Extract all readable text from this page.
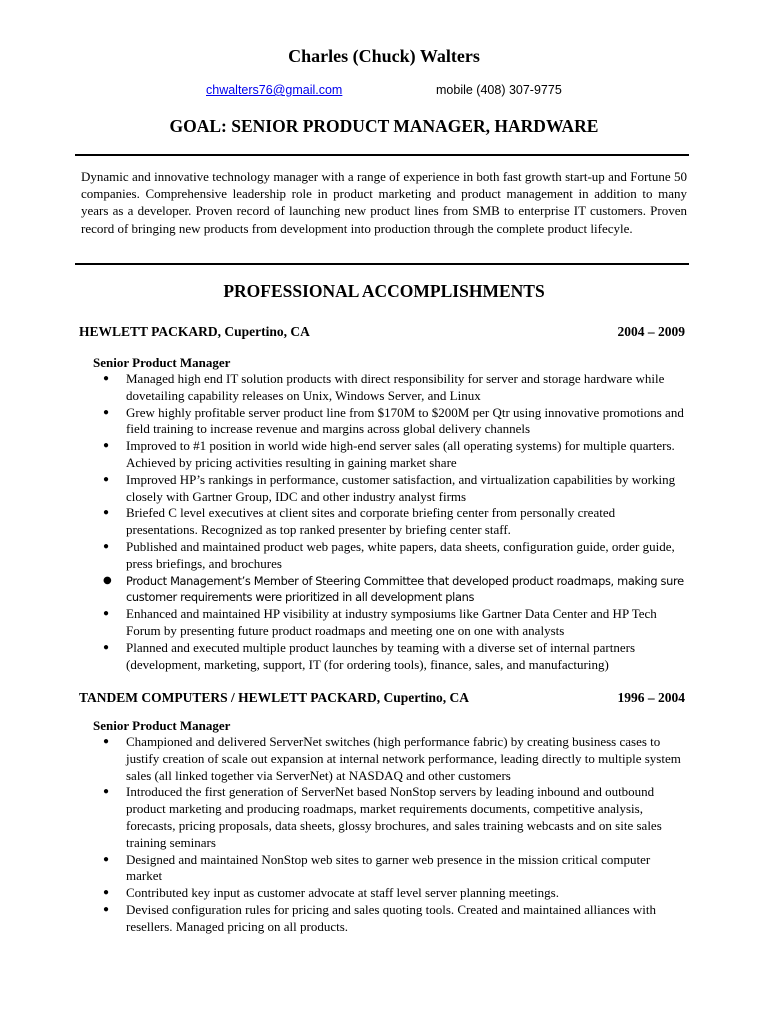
Charles (Chuck) Walters
chwalters76@gmail.com	mobile (408) 307-9775
GOAL: SENIOR PRODUCT MANAGER, HARDWARE

Dynamic and innovative technology manager with a range of experience in both fast growth start-up and Fortune 50 companies. Comprehensive leadership role in product marketing and product management in addition to many years as a developer. Proven record of launching new product lines from SMB to enterprise IT customers. Proven record of bringing new products from development into production through the complete product lifecyle.

PROFESSIONAL ACCOMPLISHMENTS
HEWLETT PACKARD, Cupertino, CA	2004 – 2009
Senior Product Manager
● Managed high end IT solution products with direct responsibility for server and storage hardware while dovetailing capability releases on Unix, Windows Server, and Linux
● Grew highly profitable server product line from $170M to $200M per Qtr using innovative promotions and field training to increase revenue and margins across global delivery channels
● Improved to #1 position in world wide high-end server sales (all operating systems) for multiple quarters. Achieved by pricing activities resulting in gaining market share
● Improved HP’s rankings in performance, customer satisfaction, and virtualization capabilities by working closely with Gartner Group, IDC and other industry analyst firms
● Briefed C level executives at client sites and corporate briefing center from personally created presentations. Recognized as top ranked presenter by briefing center staff.
● Published and maintained product web pages, white papers, data sheets, configuration guide, order guide, press briefings, and brochures
● Product Management’s Member of Steering Committee that developed product roadmaps, making sure customer requirements were prioritized in all development plans
● Enhanced and maintained HP visibility at industry symposiums like Gartner Data Center and HP Tech Forum by presenting future product roadmaps and meeting one on one with analysts
● Planned and executed multiple product launches by teaming with a diverse set of internal partners (development, marketing, support, IT (for ordering tools), finance, sales, and manufacturing)
TANDEM COMPUTERS / HEWLETT PACKARD, Cupertino, CA	1996 – 2004
Senior Product Manager
● Championed and delivered ServerNet switches (high performance fabric) by creating business cases to justify creation of scale out expansion at internal network performance, leading directly to multiple system sales (all linked together via ServerNet) at NASDAQ and other customers
● Introduced the first generation of ServerNet based NonStop servers by leading inbound and outbound product marketing and producing roadmaps, market requirements documents, competitive analysis, forecasts, pricing proposals, data sheets, glossy brochures, and sales training webcasts and on site sales training seminars
● Designed and maintained NonStop web sites to garner web presence in the mission critical computer market
● Contributed key input as customer advocate at staff level server planning meetings.
● Devised configuration rules for pricing and sales quoting tools. Created and maintained alliances with resellers. Managed pricing on all products.
